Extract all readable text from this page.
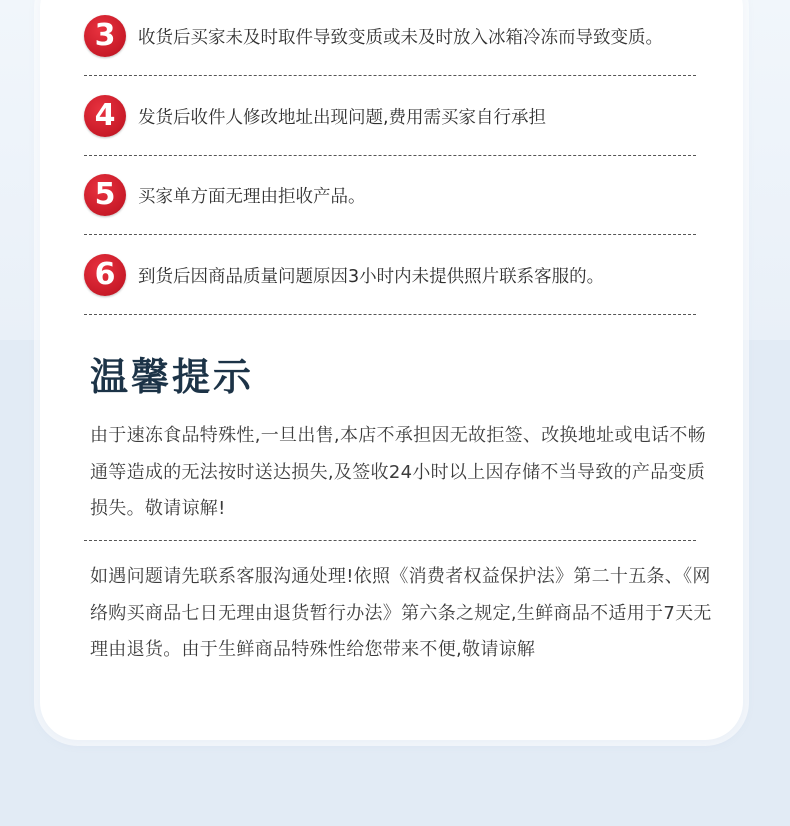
3	收货后买家未及时取件导致变质或未及时放入冰箱冷冻而导致变质。
4	发货后收件人修改地址出现问题,费用需买家自行承担
5	买家单方面无理由拒收产品。
6	到货后因商品质量问题原因3小时内未提供照片联系客服的。
温馨提示

由于速冻食品特殊性,一旦出售,本店不承担因无故拒签、改换地址或电话不畅通等造成的无法按时送达损失,及签收24小时以上因存储不当导致的产品变质损失。敬请谅解!

如遇问题请先联系客服沟通处理!依照《消费者权益保护法》第二十五条、《网络购买商品七日无理由退货暂行办法》第六条之规定,生鲜商品不适用于7天无理由退货。由于生鲜商品特殊性给您带来不便,敬请谅解
